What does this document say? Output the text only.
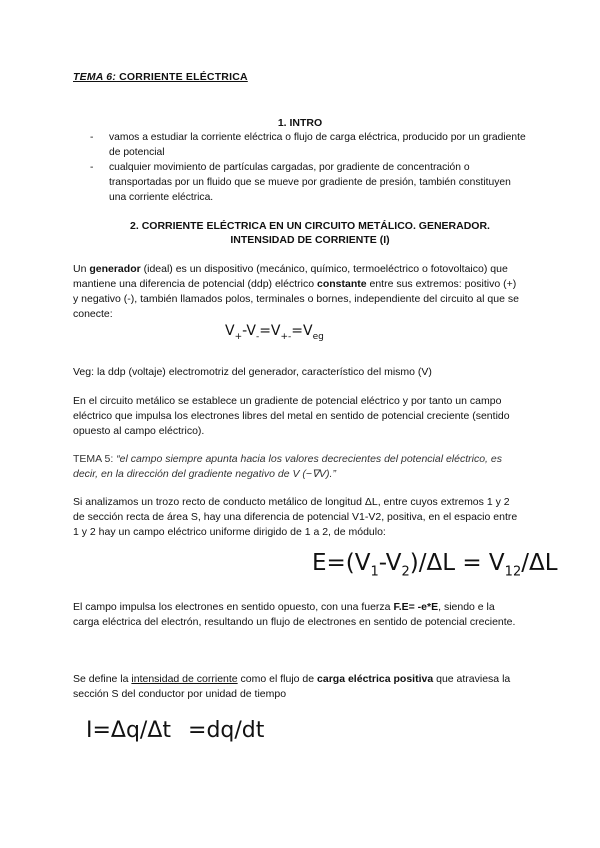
TEMA 6: CORRIENTE ELÉCTRICA
1. INTRO
- vamos a estudiar la corriente eléctrica o flujo de carga eléctrica, producido por un gradiente de potencial
- cualquier movimiento de partículas cargadas, por gradiente de concentración o transportadas por un fluido que se mueve por gradiente de presión, también constituyen una corriente eléctrica.
2. CORRIENTE ELÉCTRICA EN UN CIRCUITO METÁLICO. GENERADOR.
INTENSIDAD DE CORRIENTE (I)
Un generador (ideal) es un dispositivo (mecánico, químico, termoeléctrico o fotovoltaico) que mantiene una diferencia de potencial (ddp) eléctrico constante entre sus extremos: positivo (+) y negativo (-), también llamados polos, terminales o bornes, independiente del circuito al que se conecte:
$V_+-V_-=V_{+-}=V_{eg}$
Veg: la ddp (voltaje) electromotriz del generador, característico del mismo (V)
En el circuito metálico se establece un gradiente de potencial eléctrico y por tanto un campo eléctrico que impulsa los electrones libres del metal en sentido de potencial creciente (sentido opuesto al campo eléctrico).
TEMA 5: “el campo siempre apunta hacia los valores decrecientes del potencial eléctrico, es decir, en la dirección del gradiente negativo de V (−∇V).”
Si analizamos un trozo recto de conducto metálico de longitud ΔL, entre cuyos extremos 1 y 2 de sección recta de área S, hay una diferencia de potencial V1-V2, positiva, en el espacio entre 1 y 2 hay un campo eléctrico uniforme dirigido de 1 a 2, de módulo:
$E=(V_1-V_2)/\Delta L = V_{12}/\Delta L$
El campo impulsa los electrones en sentido opuesto, con una fuerza F.E= -e*E, siendo e la carga eléctrica del electrón, resultando un flujo de electrones en sentido de potencial creciente.
Se define la intensidad de corriente como el flujo de carga eléctrica positiva que atraviesa la sección S del conductor por unidad de tiempo
I=Δq/Δt =dq/dt
